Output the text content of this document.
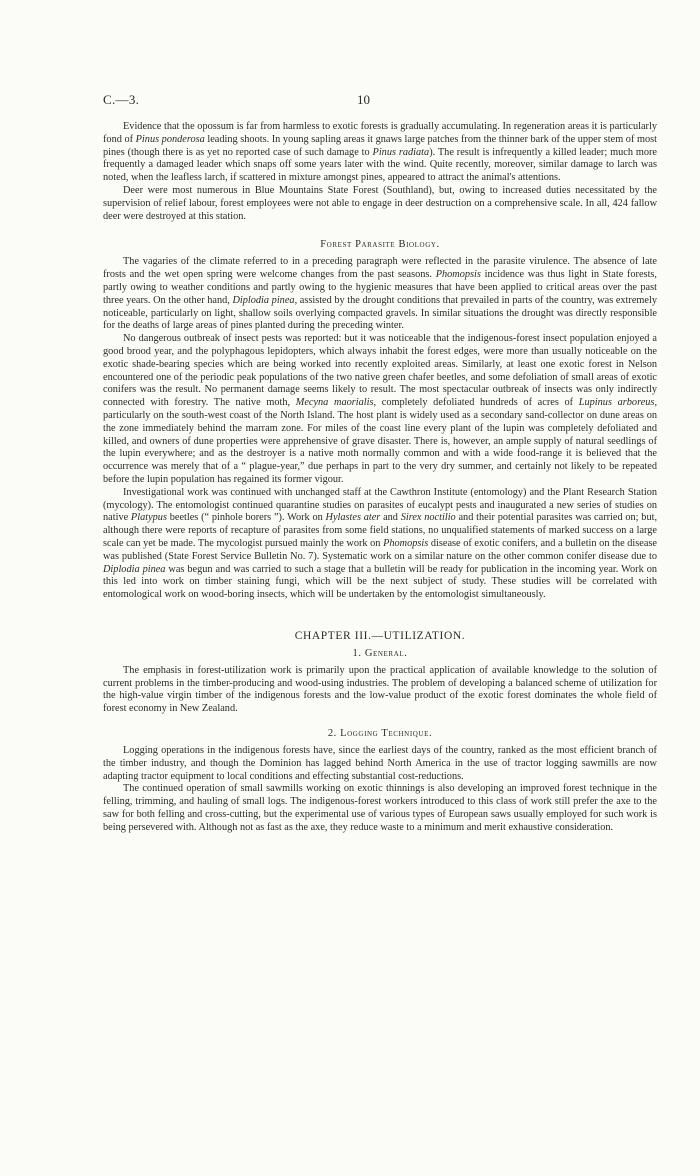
C.—3.	10

Evidence that the opossum is far from harmless to exotic forests is gradually accumulating. In regeneration areas it is particularly fond of Pinus ponderosa leading shoots. In young sapling areas it gnaws large patches from the thinner bark of the upper stem of most pines (though there is as yet no reported case of such damage to Pinus radiata). The result is infrequently a killed leader; much more frequently a damaged leader which snaps off some years later with the wind. Quite recently, moreover, similar damage to larch was noted, when the leafless larch, if scattered in mixture amongst pines, appeared to attract the animal's attentions.

Deer were most numerous in Blue Mountains State Forest (Southland), but, owing to increased duties necessitated by the supervision of relief labour, forest employees were not able to engage in deer destruction on a comprehensive scale. In all, 424 fallow deer were destroyed at this station.

Forest Parasite Biology.

The vagaries of the climate referred to in a preceding paragraph were reflected in the parasite virulence. The absence of late frosts and the wet open spring were welcome changes from the past seasons. Phomopsis incidence was thus light in State forests, partly owing to weather conditions and partly owing to the hygienic measures that have been applied to critical areas over the past three years. On the other hand, Diplodia pinea, assisted by the drought conditions that prevailed in parts of the country, was extremely noticeable, particularly on light, shallow soils overlying compacted gravels. In similar situations the drought was directly responsible for the deaths of large areas of pines planted during the preceding winter.

No dangerous outbreak of insect pests was reported: but it was noticeable that the indigenous-forest insect population enjoyed a good brood year, and the polyphagous lepidopters, which always inhabit the forest edges, were more than usually noticeable on the exotic shade-bearing species which are being worked into recently exploited areas. Similarly, at least one exotic forest in Nelson encountered one of the periodic peak populations of the two native green chafer beetles, and some defoliation of small areas of exotic conifers was the result. No permanent damage seems likely to result. The most spectacular outbreak of insects was only indirectly connected with forestry. The native moth, Mecyna maorialis, completely defoliated hundreds of acres of Lupinus arboreus, particularly on the south-west coast of the North Island. The host plant is widely used as a secondary sand-collector on dune areas on the zone immediately behind the marram zone. For miles of the coast line every plant of the lupin was completely defoliated and killed, and owners of dune properties were apprehensive of grave disaster. There is, however, an ample supply of natural seedlings of the lupin everywhere; and as the destroyer is a native moth normally common and with a wide food-range it is believed that the occurrence was merely that of a “ plague-year,” due perhaps in part to the very dry summer, and certainly not likely to be repeated before the lupin population has regained its former vigour.

Investigational work was continued with unchanged staff at the Cawthron Institute (entomology) and the Plant Research Station (mycology). The entomologist continued quarantine studies on parasites of eucalypt pests and inaugurated a new series of studies on native Platypus beetles (“ pinhole borers ”). Work on Hylastes ater and Sirex noctilio and their potential parasites was carried on; but, although there were reports of recapture of parasites from some field stations, no unqualified statements of marked success on a large scale can yet be made. The mycologist pursued mainly the work on Phomopsis disease of exotic conifers, and a bulletin on the disease was published (State Forest Service Bulletin No. 7). Systematic work on a similar nature on the other common conifer disease due to Diplodia pinea was begun and was carried to such a stage that a bulletin will be ready for publication in the incoming year. Work on this led into work on timber staining fungi, which will be the next subject of study. These studies will be correlated with entomological work on wood-boring insects, which will be undertaken by the entomologist simultaneously.

CHAPTER III.—UTILIZATION.
1. General.

The emphasis in forest-utilization work is primarily upon the practical application of available knowledge to the solution of current problems in the timber-producing and wood-using industries. The problem of developing a balanced scheme of utilization for the high-value virgin timber of the indigenous forests and the low-value product of the exotic forest dominates the whole field of forest economy in New Zealand.

2. Logging Technique.

Logging operations in the indigenous forests have, since the earliest days of the country, ranked as the most efficient branch of the timber industry, and though the Dominion has lagged behind North America in the use of tractor logging sawmills are now adapting tractor equipment to local conditions and effecting substantial cost-reductions.

The continued operation of small sawmills working on exotic thinnings is also developing an improved forest technique in the felling, trimming, and hauling of small logs. The indigenous-forest workers introduced to this class of work still prefer the axe to the saw for both felling and cross-cutting, but the experimental use of various types of European saws usually employed for such work is being persevered with. Although not as fast as the axe, they reduce waste to a minimum and merit exhaustive consideration.
